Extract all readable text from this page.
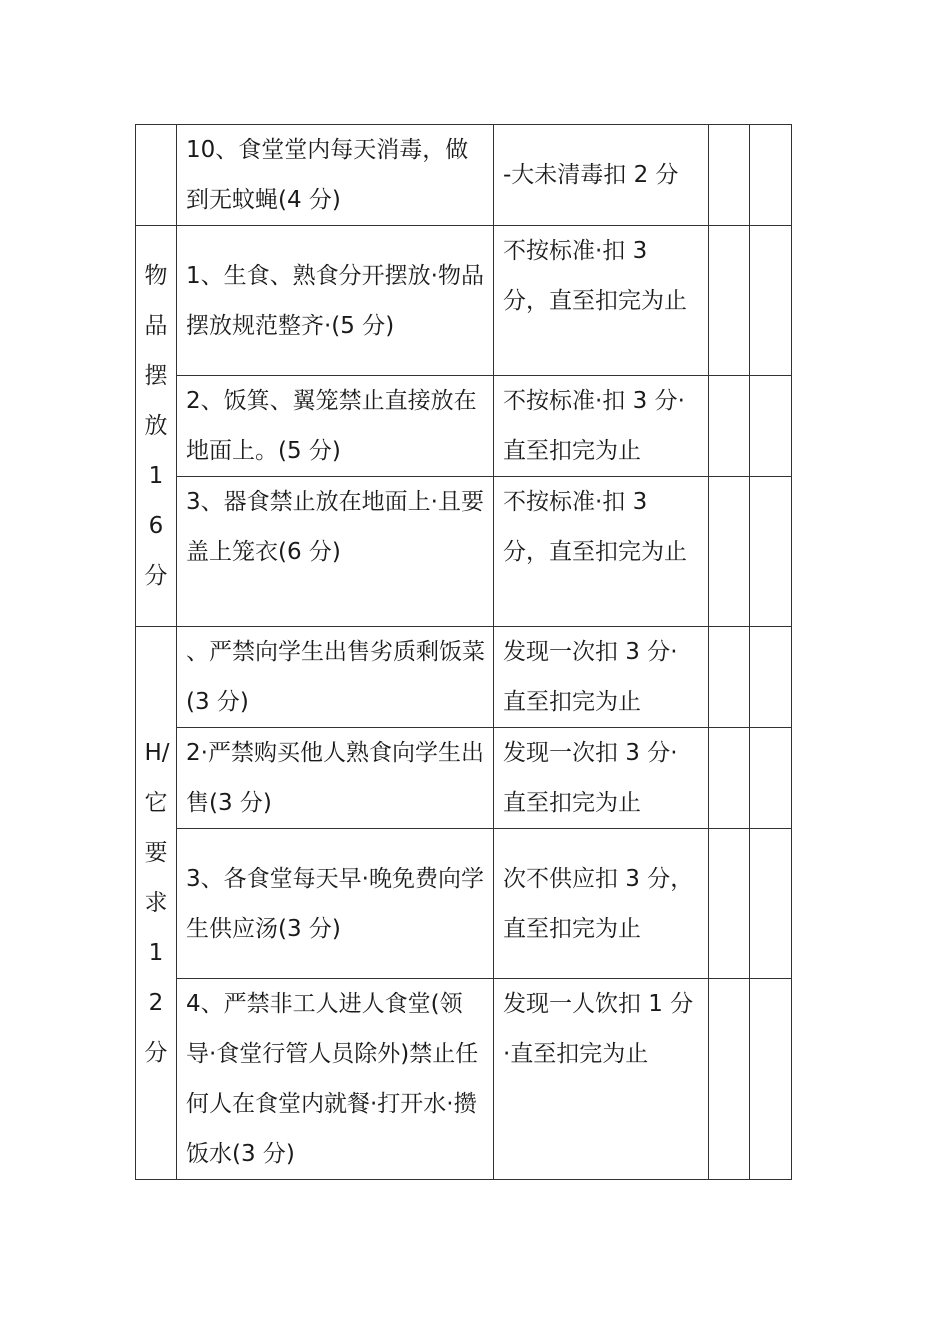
	10、食堂堂内每天消毒，做到无蚊蝇(4 分)	-大未清毒扣 2 分		

物品摆放16分	1、生食、熟食分开摆放·物品摆放规范整齐·(5 分)	不按标准·扣 3 分，直至扣完为止		

	2、饭箕、翼笼禁止直接放在地面上。(5 分)	不按标准·扣 3 分·直至扣完为止		

	3、器食禁止放在地面上·且要盖上笼衣(6 分)	不按标准·扣 3 分，直至扣完为止		

H/它要求12分	、严禁向学生出售劣质剩饭菜(3 分)	发现一次扣 3 分·直至扣完为止		

	2·严禁购买他人熟食向学生出售(3 分)	发现一次扣 3 分·直至扣完为止		

	3、各食堂每天早·晚免费向学生供应汤(3 分)	次不供应扣 3 分，直至扣完为止		

	4、严禁非工人进人食堂(领导·食堂行管人员除外)禁止任何人在食堂内就餐·打开水·攒饭水(3 分)	发现一人饮扣 1 分·直至扣完为止		
